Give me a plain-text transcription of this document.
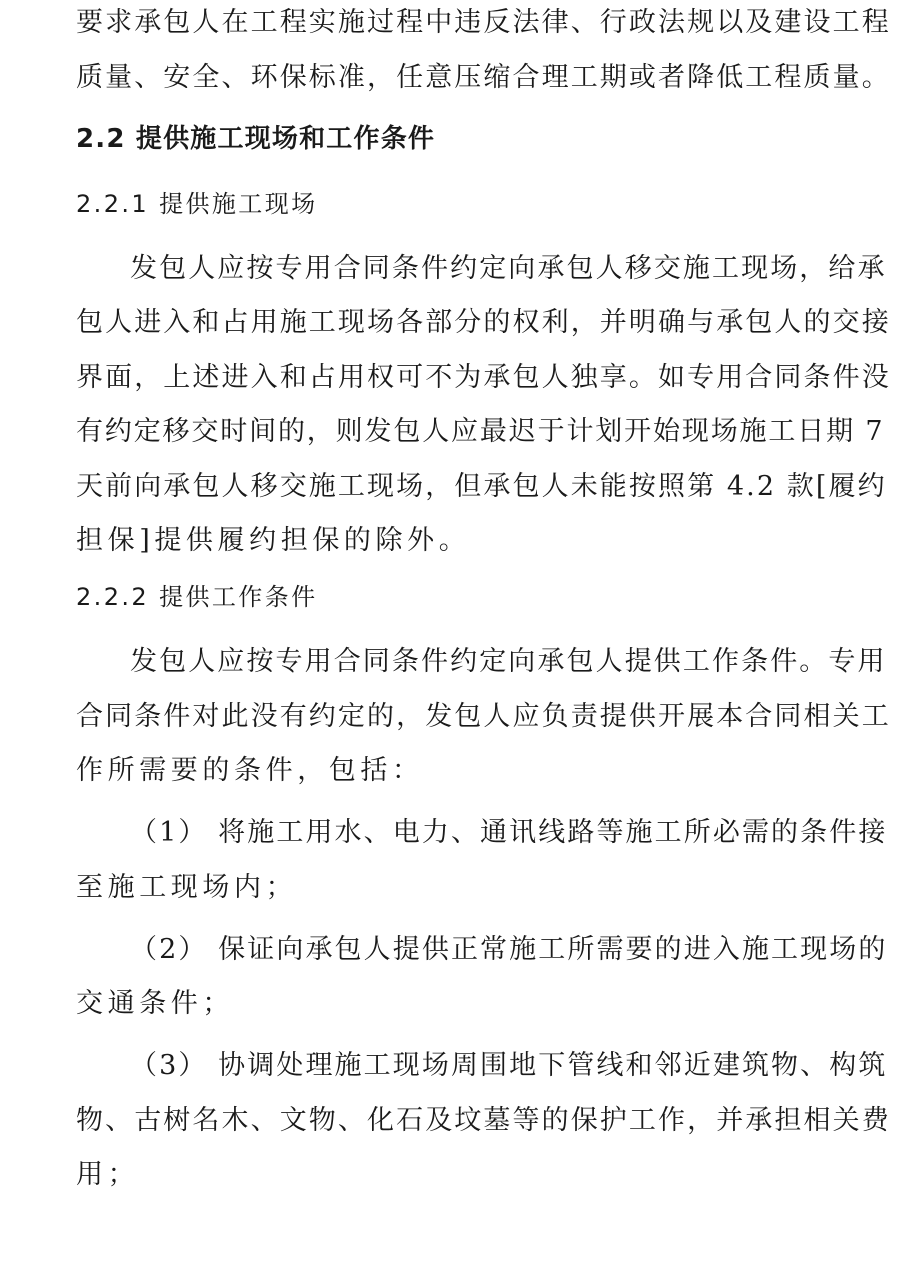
要求承包人在工程实施过程中违反法律、行政法规以及建设工程
质量、安全、环保标准，任意压缩合理工期或者降低工程质量。
2.2 提供施工现场和工作条件
2.2.1 提供施工现场
发包人应按专用合同条件约定向承包人移交施工现场，给承
包人进入和占用施工现场各部分的权利，并明确与承包人的交接
界面，上述进入和占用权可不为承包人独享。如专用合同条件没
有约定移交时间的，则发包人应最迟于计划开始现场施工日期 7
天前向承包人移交施工现场，但承包人未能按照第 4.2 款[履约
担保]提供履约担保的除外。
2.2.2 提供工作条件
发包人应按专用合同条件约定向承包人提供工作条件。专用
合同条件对此没有约定的，发包人应负责提供开展本合同相关工
作所需要的条件，包括：
（1） 将施工用水、电力、通讯线路等施工所必需的条件接
至施工现场内；
（2） 保证向承包人提供正常施工所需要的进入施工现场的
交通条件；
（3） 协调处理施工现场周围地下管线和邻近建筑物、构筑
物、古树名木、文物、化石及坟墓等的保护工作，并承担相关费
用；
